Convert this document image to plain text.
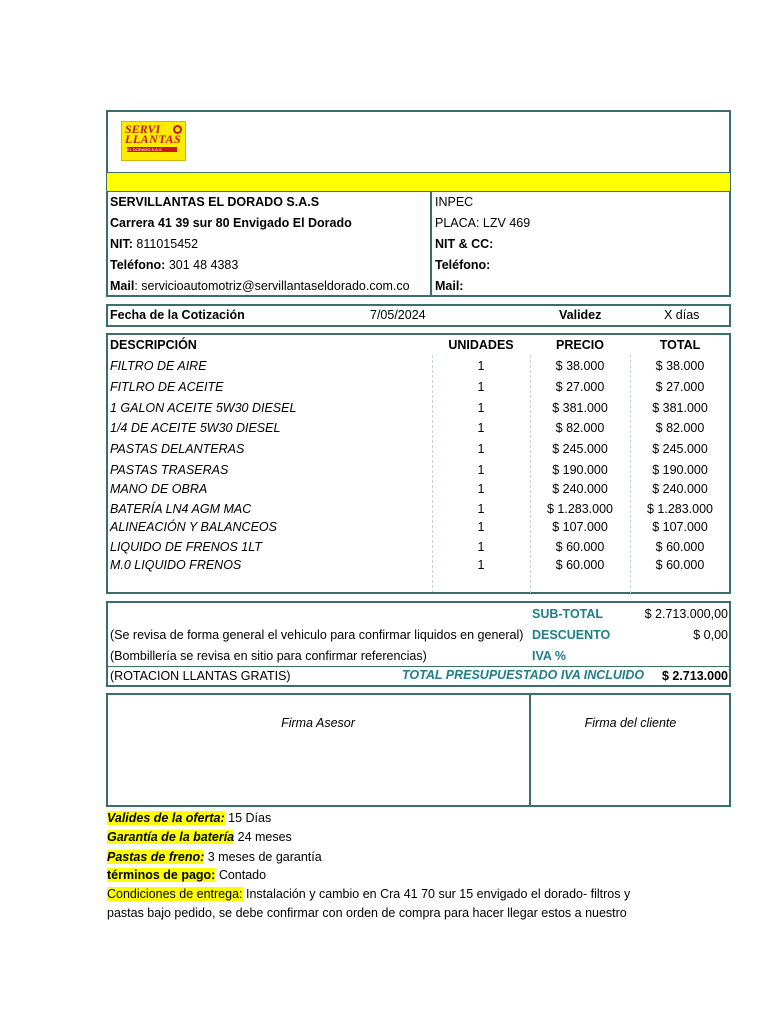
SERVI
LLANTAS
EL DORADO S.A.S
SERVILLANTAS EL DORADO S.A.S
Carrera 41 39 sur 80 Envigado El Dorado
NIT: 811015452
Teléfono: 301 48 4383
Mail: servicioautomotriz@servillantaseldorado.com.co
INPEC
PLACA: LZV 469
NIT & CC:
Teléfono:
Mail:
Fecha de la Cotización	7/05/2024	Validez	X días
DESCRIPCIÓN	UNIDADES	PRECIO	TOTAL
FILTRO DE AIRE	1	$ 38.000	$ 38.000
FITLRO DE ACEITE	1	$ 27.000	$ 27.000
1 GALON ACEITE 5W30 DIESEL	1	$ 381.000	$ 381.000
1/4 DE ACEITE 5W30 DIESEL	1	$ 82.000	$ 82.000
PASTAS DELANTERAS	1	$ 245.000	$ 245.000
PASTAS TRASERAS	1	$ 190.000	$ 190.000
MANO DE OBRA	1	$ 240.000	$ 240.000
BATERÍA LN4 AGM MAC	1	$ 1.283.000	$ 1.283.000
ALINEACIÓN Y BALANCEOS	1	$ 107.000	$ 107.000
LIQUIDO DE FRENOS 1LT	1	$ 60.000	$ 60.000
M.0 LIQUIDO FRENOS	1	$ 60.000	$ 60.000
SUB-TOTAL	$ 2.713.000,00
(Se revisa de forma general el vehiculo para confirmar liquidos en general) DESCUENTO	$ 0,00
(Bombillería se revisa en sitio para confirmar referencias)	IVA %
(ROTACION LLANTAS GRATIS)	TOTAL PRESUPUESTADO IVA INCLUIDO	$ 2.713.000
Firma Asesor	Firma del cliente
Valides de la oferta: 15 Días
Garantía de la batería 24 meses
Pastas de freno: 3 meses de garantía
términos de pago: Contado
Condiciones de entrega: Instalación y cambio en Cra 41 70 sur 15 envigado el dorado- filtros y
pastas bajo pedido, se debe confirmar con orden de compra para hacer llegar estos a nuestro
